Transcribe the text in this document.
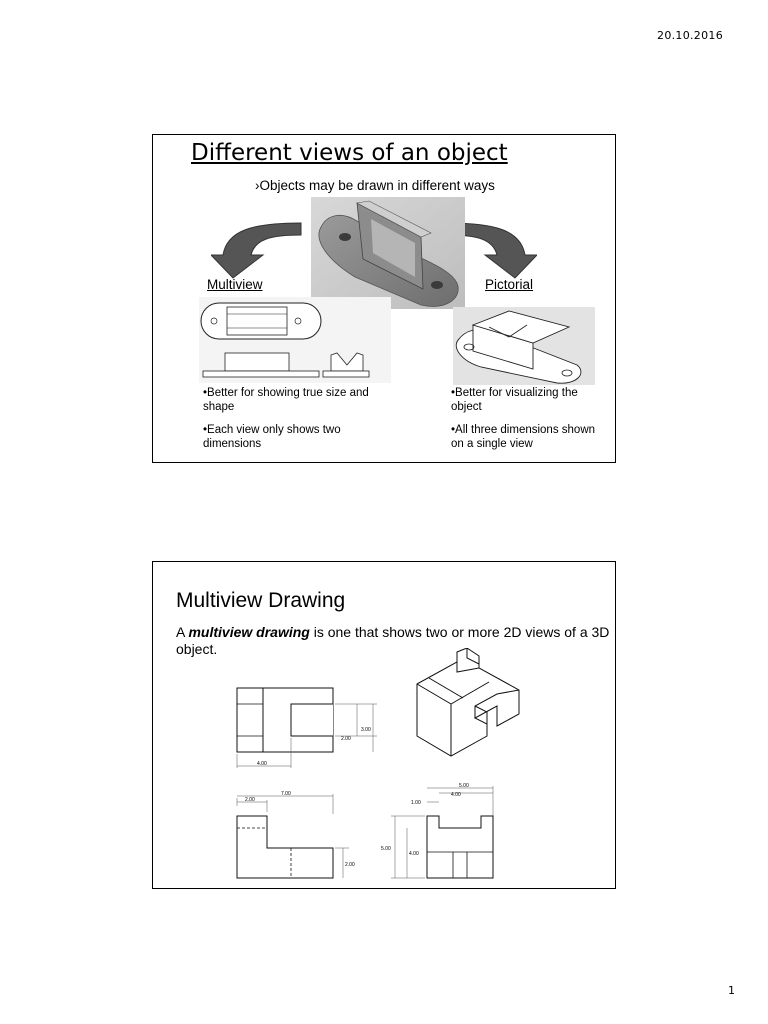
20.10.2016
Different views of an object
›Objects may be drawn in different ways
Multiview	Pictorial
•Better for showing true size and shape
•Each view only shows two dimensions
•Better for visualizing the object
•All three dimensions shown on a single view
Multiview Drawing
A multiview drawing is one that shows two or more 2D views of a 3D object.
3.00
2.00
4.00
7.00
2.00
2.00
5.00
4.00
1.00
5.00
4.00
1
